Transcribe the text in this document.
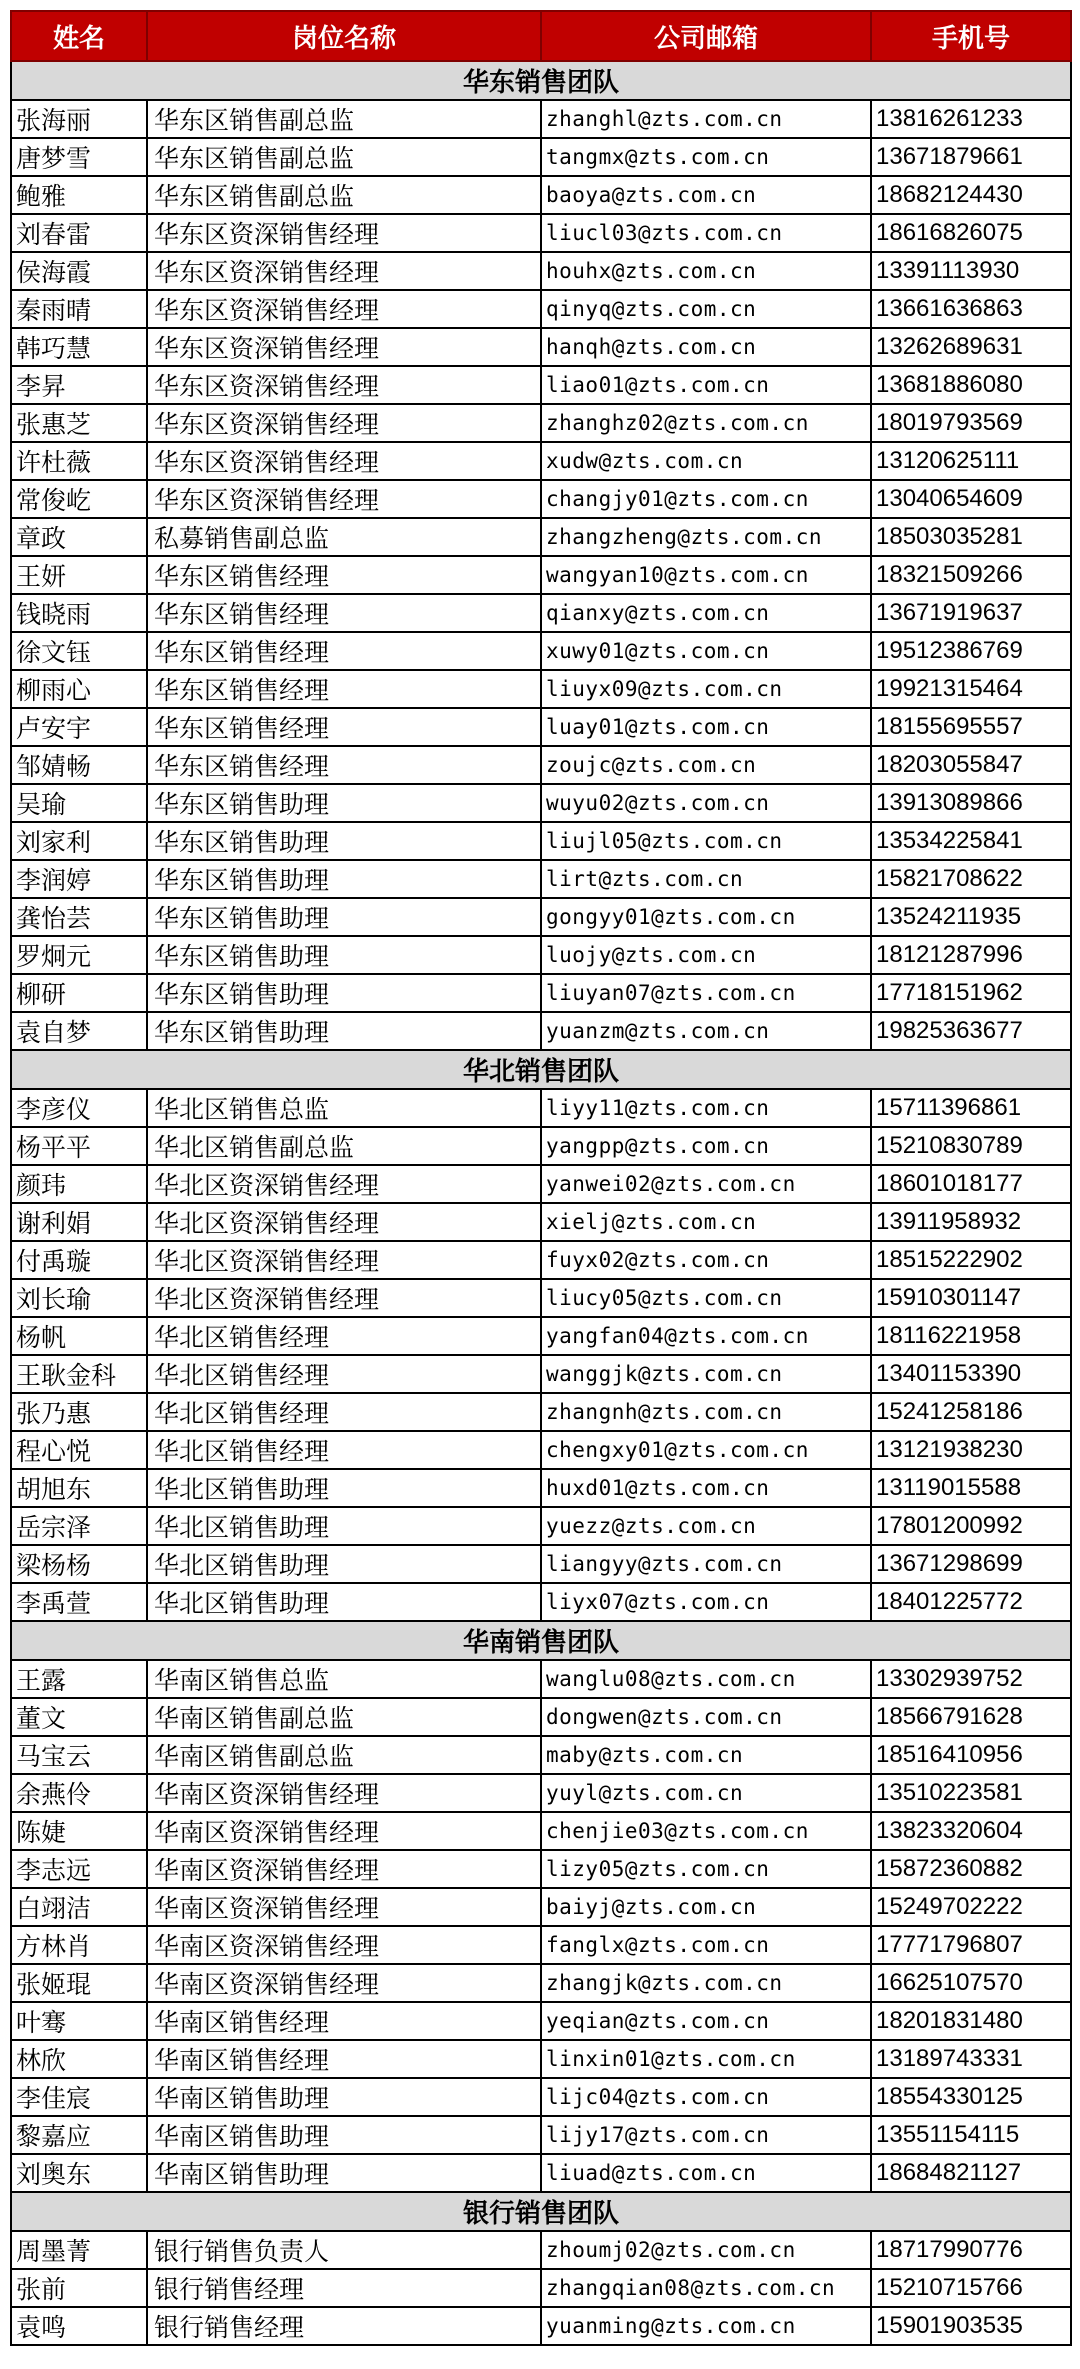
姓名	岗位名称	公司邮箱	手机号
华东销售团队			
张海丽	华东区销售副总监	zhanghl@zts.com.cn	13816261233
唐梦雪	华东区销售副总监	tangmx@zts.com.cn	13671879661
鲍雅	华东区销售副总监	baoya@zts.com.cn	18682124430
刘春雷	华东区资深销售经理	liucl03@zts.com.cn	18616826075
侯海霞	华东区资深销售经理	houhx@zts.com.cn	13391113930
秦雨晴	华东区资深销售经理	qinyq@zts.com.cn	13661636863
韩巧慧	华东区资深销售经理	hanqh@zts.com.cn	13262689631
李昇	华东区资深销售经理	liao01@zts.com.cn	13681886080
张惠芝	华东区资深销售经理	zhanghz02@zts.com.cn	18019793569
许杜薇	华东区资深销售经理	xudw@zts.com.cn	13120625111
常俊屹	华东区资深销售经理	changjy01@zts.com.cn	13040654609
章政	私募销售副总监	zhangzheng@zts.com.cn	18503035281
王妍	华东区销售经理	wangyan10@zts.com.cn	18321509266
钱晓雨	华东区销售经理	qianxy@zts.com.cn	13671919637
徐文钰	华东区销售经理	xuwy01@zts.com.cn	19512386769
柳雨心	华东区销售经理	liuyx09@zts.com.cn	19921315464
卢安宇	华东区销售经理	luay01@zts.com.cn	18155695557
邹婧畅	华东区销售经理	zoujc@zts.com.cn	18203055847
吴瑜	华东区销售助理	wuyu02@zts.com.cn	13913089866
刘家利	华东区销售助理	liujl05@zts.com.cn	13534225841
李润婷	华东区销售助理	lirt@zts.com.cn	15821708622
龚怡芸	华东区销售助理	gongyy01@zts.com.cn	13524211935
罗炯元	华东区销售助理	luojy@zts.com.cn	18121287996
柳研	华东区销售助理	liuyan07@zts.com.cn	17718151962
袁自梦	华东区销售助理	yuanzm@zts.com.cn	19825363677
华北销售团队			
李彦仪	华北区销售总监	liyy11@zts.com.cn	15711396861
杨平平	华北区销售副总监	yangpp@zts.com.cn	15210830789
颜玮	华北区资深销售经理	yanwei02@zts.com.cn	18601018177
谢利娟	华北区资深销售经理	xielj@zts.com.cn	13911958932
付禹璇	华北区资深销售经理	fuyx02@zts.com.cn	18515222902
刘长瑜	华北区资深销售经理	liucy05@zts.com.cn	15910301147
杨帆	华北区销售经理	yangfan04@zts.com.cn	18116221958
王耿金科	华北区销售经理	wanggjk@zts.com.cn	13401153390
张乃惠	华北区销售经理	zhangnh@zts.com.cn	15241258186
程心悦	华北区销售经理	chengxy01@zts.com.cn	13121938230
胡旭东	华北区销售助理	huxd01@zts.com.cn	13119015588
岳宗泽	华北区销售助理	yuezz@zts.com.cn	17801200992
梁杨杨	华北区销售助理	liangyy@zts.com.cn	13671298699
李禹萱	华北区销售助理	liyx07@zts.com.cn	18401225772
华南销售团队			
王露	华南区销售总监	wanglu08@zts.com.cn	13302939752
董文	华南区销售副总监	dongwen@zts.com.cn	18566791628
马宝云	华南区销售副总监	maby@zts.com.cn	18516410956
余燕伶	华南区资深销售经理	yuyl@zts.com.cn	13510223581
陈婕	华南区资深销售经理	chenjie03@zts.com.cn	13823320604
李志远	华南区资深销售经理	lizy05@zts.com.cn	15872360882
白翊洁	华南区资深销售经理	baiyj@zts.com.cn	15249702222
方林肖	华南区资深销售经理	fanglx@zts.com.cn	17771796807
张姬琨	华南区资深销售经理	zhangjk@zts.com.cn	16625107570
叶骞	华南区销售经理	yeqian@zts.com.cn	18201831480
林欣	华南区销售经理	linxin01@zts.com.cn	13189743331
李佳宸	华南区销售助理	lijc04@zts.com.cn	18554330125
黎嘉应	华南区销售助理	lijy17@zts.com.cn	13551154115
刘奥东	华南区销售助理	liuad@zts.com.cn	18684821127
银行销售团队			
周墨菁	银行销售负责人	zhoumj02@zts.com.cn	18717990776
张前	银行销售经理	zhangqian08@zts.com.cn	15210715766
袁鸣	银行销售经理	yuanming@zts.com.cn	15901903535
